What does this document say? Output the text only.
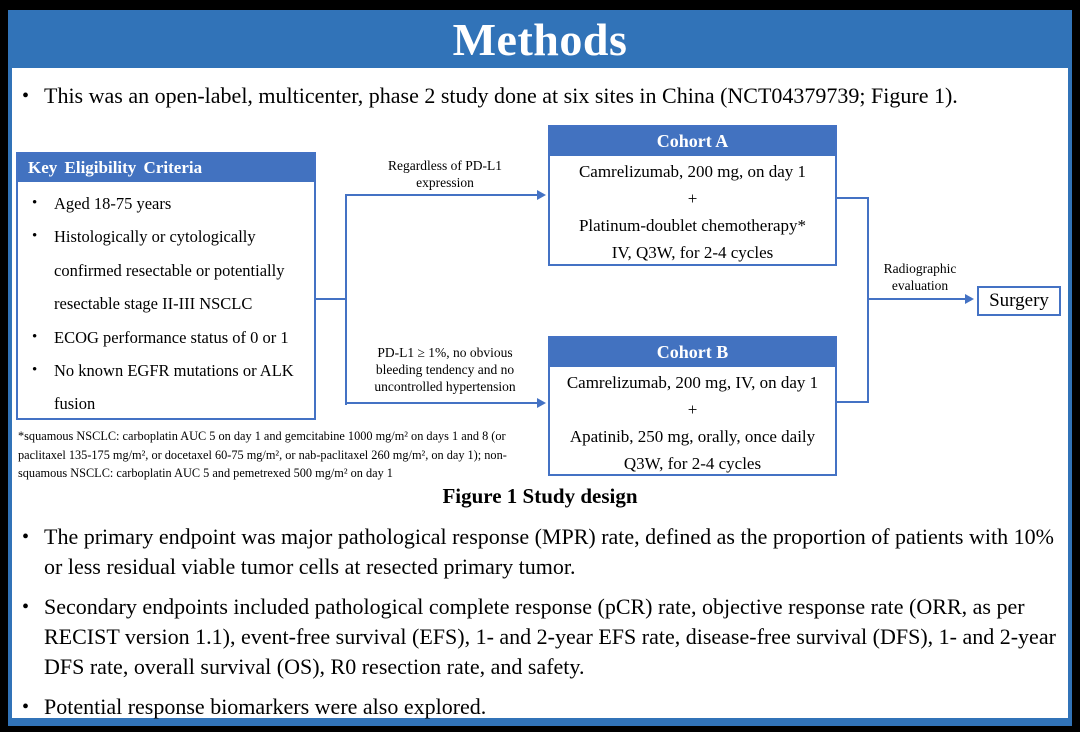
Methods
• This was an open-label, multicenter, phase 2 study done at six sites in China (NCT04379739; Figure 1).
Key Eligibility Criteria
• Aged 18-75 years
• Histologically or cytologically confirmed resectable or potentially resectable stage II-III NSCLC
• ECOG performance status of 0 or 1
• No known EGFR mutations or ALK fusion
Regardless of PD-L1
expression
PD-L1 ≥ 1%, no obvious
bleeding tendency and no
uncontrolled hypertension
Cohort A
Camrelizumab, 200 mg, on day 1
+
Platinum-doublet chemotherapy*
IV, Q3W, for 2-4 cycles
Cohort B
Camrelizumab, 200 mg, IV, on day 1
+
Apatinib, 250 mg, orally, once daily
Q3W, for 2-4 cycles
Radiographic
evaluation
Surgery
*squamous NSCLC: carboplatin AUC 5 on day 1 and gemcitabine 1000 mg/m² on days 1 and 8 (or
paclitaxel 135-175 mg/m², or docetaxel 60-75 mg/m², or nab-paclitaxel 260 mg/m², on day 1); non-
squamous NSCLC: carboplatin AUC 5 and pemetrexed 500 mg/m² on day 1
Figure 1 Study design
• The primary endpoint was major pathological response (MPR) rate, defined as the proportion of patients with 10% or less residual viable tumor cells at resected primary tumor.
• Secondary endpoints included pathological complete response (pCR) rate, objective response rate (ORR, as per RECIST version 1.1), event-free survival (EFS), 1- and 2-year EFS rate, disease-free survival (DFS), 1- and 2-year DFS rate, overall survival (OS), R0 resection rate, and safety.
• Potential response biomarkers were also explored.
